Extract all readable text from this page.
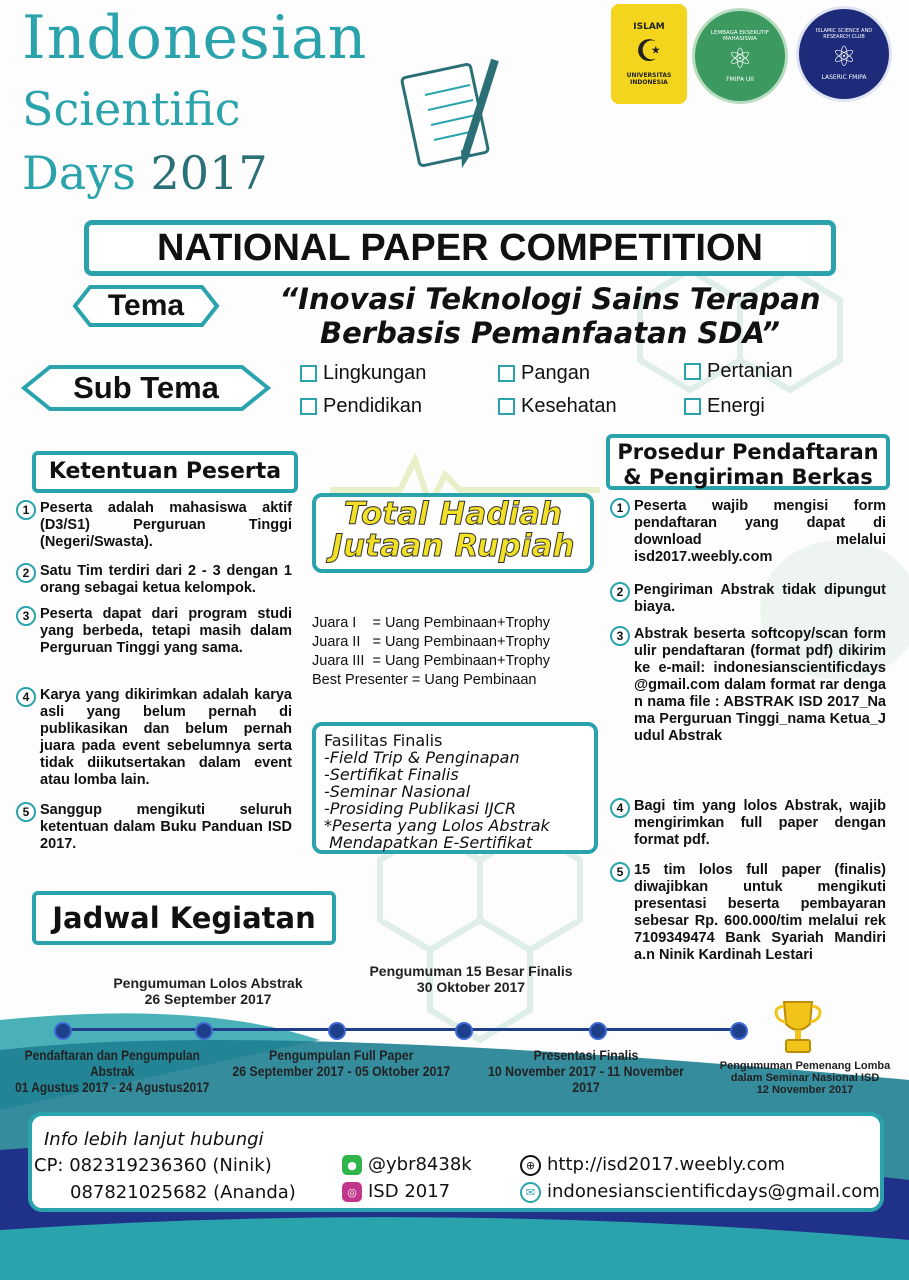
Indonesian
Scientific
Days 2017
ISLAM
☪
UNIVERSITAS INDONESIA
LEMBAGA EKSEKUTIF MAHASISWA
⚛
FMIPA UII
ISLAMIC SCIENCE AND RESEARCH CLUB
⚛
LASERIC FMIPA
NATIONAL PAPER COMPETITION
Tema	“Inovasi Teknologi Sains Terapan
Berbasis Pemanfaatan SDA”
Sub Tema	Lingkungan
Pendidikan
Pangan
Kesehatan
Pertanian
Energi
Ketentuan Peserta
1 Peserta adalah mahasiswa aktif (D3/S1) Perguruan Tinggi (Negeri/Swasta).
2 Satu Tim terdiri dari 2 - 3 dengan 1 orang sebagai ketua kelompok.
3 Peserta dapat dari program studi yang berbeda, tetapi masih dalam Perguruan Tinggi yang sama.
4 Karya yang dikirimkan adalah karya asli yang belum pernah di publikasikan dan belum pernah juara pada event sebelumnya serta tidak diikutsertakan dalam event atau lomba lain.
5 Sanggup mengikuti seluruh ketentuan dalam Buku Panduan ISD 2017.
Total Hadiah
Jutaan Rupiah
Juara I    = Uang Pembinaan+Trophy
Juara II   = Uang Pembinaan+Trophy
Juara III  = Uang Pembinaan+Trophy
Best Presenter = Uang Pembinaan
Fasilitas Finalis
-Field Trip & Penginapan
-Sertifikat Finalis
-Seminar Nasional
-Prosiding Publikasi IJCR
*Peserta yang Lolos Abstrak
Mendapatkan E-Sertifikat
Prosedur Pendaftaran
& Pengiriman Berkas
1 Peserta wajib mengisi form pendaftaran yang dapat di download melalui isd2017.weebly.com
2 Pengiriman Abstrak tidak dipungut biaya.
3 Abstrak beserta softcopy/scan formulir pendaftaran (format pdf) dikirim ke e-mail: indonesianscientificdays@gmail.com dalam format rar dengan nama file : ABSTRAK ISD 2017_Nama Perguruan Tinggi_nama Ketua_Judul Abstrak
4 Bagi tim yang lolos Abstrak, wajib mengirimkan full paper dengan format pdf.
5 15 tim lolos full paper (finalis) diwajibkan untuk mengikuti presentasi beserta pembayaran sebesar Rp. 600.000/tim melalui rek 7109349474 Bank Syariah Mandiri a.n Ninik Kardinah Lestari
Jadwal Kegiatan
Pengumuman Lolos Abstrak
26 September 2017
Pengumuman 15 Besar Finalis
30 Oktober 2017
Pendaftaran dan Pengumpulan Abstrak
01 Agustus 2017 - 24 Agustus2017
Pengumpulan Full Paper
26 September 2017 - 05 Oktober 2017
Presentasi Finalis
10 November 2017 - 11 November 2017
Pengumuman Pemenang Lomba dalam Seminar Nasional ISD
12 November 2017
Info lebih lanjut hubungi
CP: 082319236360 (Ninik)
087821025682 (Ananda)
● @ybr8438k
◎ ISD 2017
⊕ http://isd2017.weebly.com
✉ indonesianscientificdays@gmail.com
